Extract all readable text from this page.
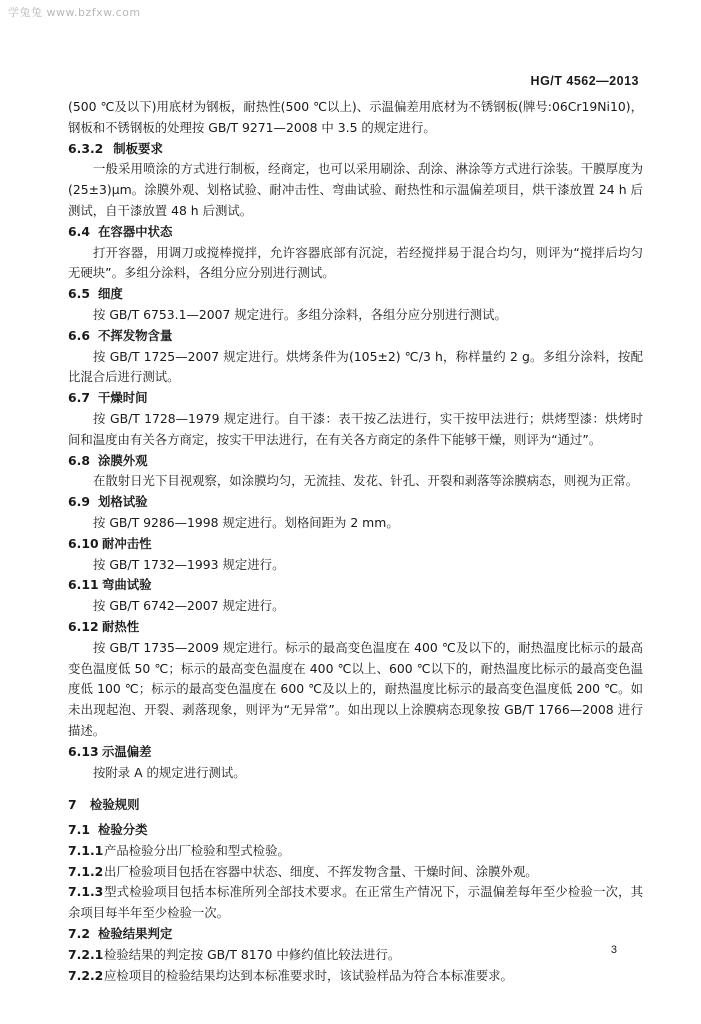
学兔兔 www.bzfxw.com
HG/T 4562—2013

(500 ℃及以下)用底材为钢板，耐热性(500 ℃以上)、示温偏差用底材为不锈钢板(牌号:06Cr19Ni10)，钢板和不锈钢板的处理按 GB/T 9271—2008 中 3.5 的规定进行。

6.3.2 制板要求

一般采用喷涂的方式进行制板，经商定，也可以采用刷涂、刮涂、淋涂等方式进行涂装。干膜厚度为(25±3)μm。涂膜外观、划格试验、耐冲击性、弯曲试验、耐热性和示温偏差项目，烘干漆放置 24 h 后测试，自干漆放置 48 h 后测试。

6.4 在容器中状态

打开容器，用调刀或搅棒搅拌，允许容器底部有沉淀，若经搅拌易于混合均匀，则评为“搅拌后均匀无硬块”。多组分涂料，各组分应分别进行测试。

6.5 细度

按 GB/T 6753.1—2007 规定进行。多组分涂料，各组分应分别进行测试。

6.6 不挥发物含量

按 GB/T 1725—2007 规定进行。烘烤条件为(105±2) ℃/3 h，称样量约 2 g。多组分涂料，按配比混合后进行测试。

6.7 干燥时间

按 GB/T 1728—1979 规定进行。自干漆：表干按乙法进行，实干按甲法进行；烘烤型漆：烘烤时间和温度由有关各方商定，按实干甲法进行，在有关各方商定的条件下能够干燥，则评为“通过”。

6.8 涂膜外观

在散射日光下目视观察，如涂膜均匀，无流挂、发花、针孔、开裂和剥落等涂膜病态，则视为正常。

6.9 划格试验

按 GB/T 9286—1998 规定进行。划格间距为 2 mm。

6.10 耐冲击性

按 GB/T 1732—1993 规定进行。

6.11 弯曲试验

按 GB/T 6742—2007 规定进行。

6.12 耐热性

按 GB/T 1735—2009 规定进行。标示的最高变色温度在 400 ℃及以下的，耐热温度比标示的最高变色温度低 50 ℃；标示的最高变色温度在 400 ℃以上、600 ℃以下的，耐热温度比标示的最高变色温度低 100 ℃；标示的最高变色温度在 600 ℃及以上的，耐热温度比标示的最高变色温度低 200 ℃。如未出现起泡、开裂、剥落现象，则评为“无异常”。如出现以上涂膜病态现象按 GB/T 1766—2008 进行描述。

6.13 示温偏差

按附录 A 的规定进行测试。

7 检验规则

7.1 检验分类

7.1.1产品检验分出厂检验和型式检验。

7.1.2出厂检验项目包括在容器中状态、细度、不挥发物含量、干燥时间、涂膜外观。

7.1.3型式检验项目包括本标准所列全部技术要求。在正常生产情况下，示温偏差每年至少检验一次，其余项目每半年至少检验一次。

7.2 检验结果判定

7.2.1检验结果的判定按 GB/T 8170 中修约值比较法进行。

7.2.2应检项目的检验结果均达到本标准要求时，该试验样品为符合本标准要求。

3
